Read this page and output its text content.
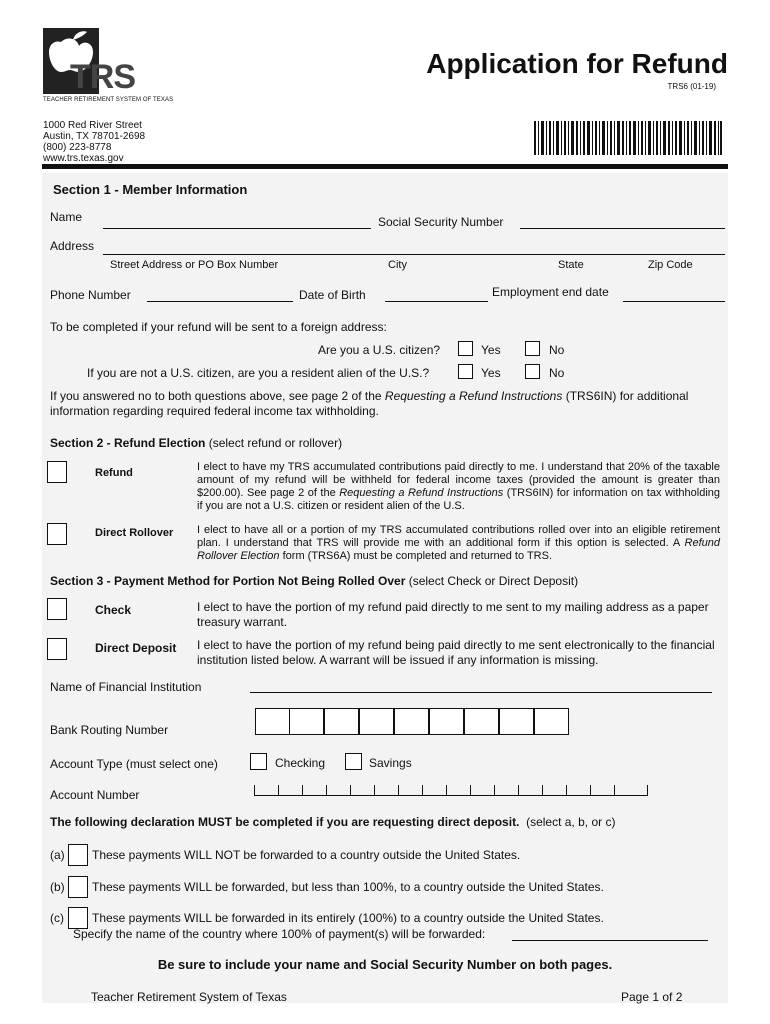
TRS
TEACHER RETIREMENT SYSTEM OF TEXAS
1000 Red River Street
Austin, TX 78701-2698
(800) 223-8778
www.trs.texas.gov
Application for Refund
TRS6 (01-19)
Section 1 - Member Information
Name	Social Security Number
Address
Street Address or PO Box Number	City	State	Zip Code
Phone Number	Date of Birth	Employment end date
To be completed if your refund will be sent to a foreign address:
Are you a U.S. citizen?	Yes	No
If you are not a U.S. citizen, are you a resident alien of the U.S.?	Yes	No
If you answered no to both questions above, see page 2 of the Requesting a Refund Instructions (TRS6IN) for additional information regarding required federal income tax withholding.
Section 2 - Refund Election (select refund or rollover)
Refund	I elect to have my TRS accumulated contributions paid directly to me. I understand that 20% of the taxable amount of my refund will be withheld for federal income taxes (provided the amount is greater than $200.00). See page 2 of the Requesting a Refund Instructions (TRS6IN) for information on tax withholding if you are not a U.S. citizen or resident alien of the U.S.
Direct Rollover I elect to have all or a portion of my TRS accumulated contributions rolled over into an eligible retirement plan. I understand that TRS will provide me with an additional form if this option is selected. A Refund Rollover Election form (TRS6A) must be completed and returned to TRS.
Section 3 - Payment Method for Portion Not Being Rolled Over (select Check or Direct Deposit)
Check	I elect to have the portion of my refund paid directly to me sent to my mailing address as a paper treasury warrant.
Direct Deposit I elect to have the portion of my refund being paid directly to me sent electronically to the financial institution listed below. A warrant will be issued if any information is missing.
Name of Financial Institution
Bank Routing Number
Account Type (must select one)	Checking	Savings
Account Number
The following declaration MUST be completed if you are requesting direct deposit. (select a, b, or c)
(a) These payments WILL NOT be forwarded to a country outside the United States.
(b) These payments WILL be forwarded, but less than 100%, to a country outside the United States.
(c) These payments WILL be forwarded in its entirely (100%) to a country outside the United States.
Specify the name of the country where 100% of payment(s) will be forwarded:
Be sure to include your name and Social Security Number on both pages.
Teacher Retirement System of Texas	Page 1 of 2
